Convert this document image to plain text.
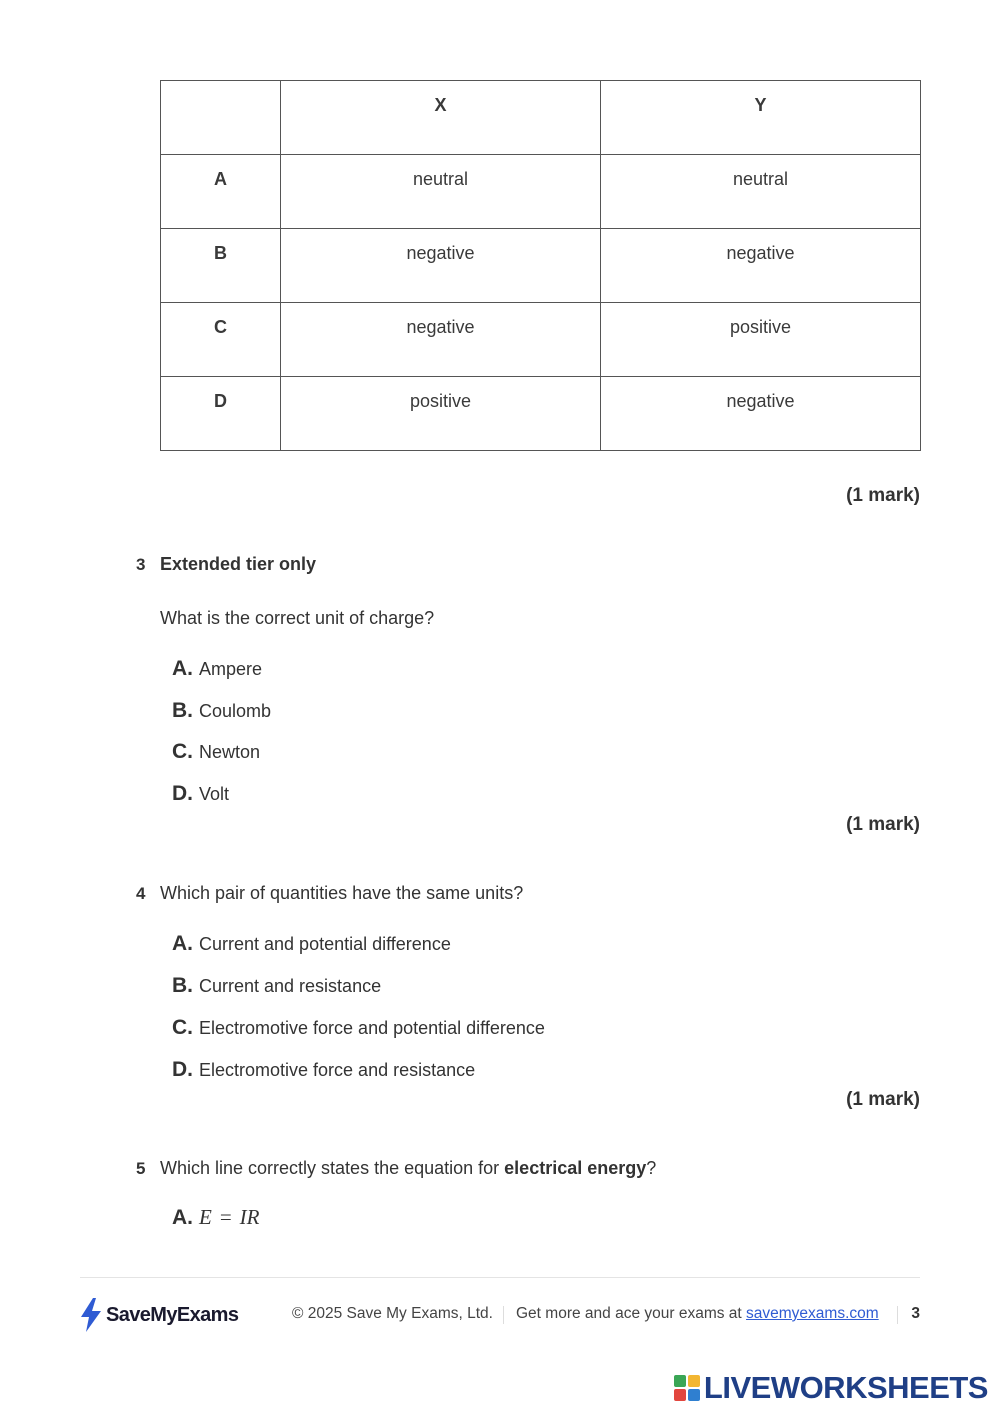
	X	Y
A	neutral	neutral
B	negative	negative
C	negative	positive
D	positive	negative
(1 mark)
3 Extended tier only
What is the correct unit of charge?
A. Ampere
B. Coulomb
C. Newton
D. Volt
(1 mark)
4 Which pair of quantities have the same units?
A. Current and potential difference
B. Current and resistance
C. Electromotive force and potential difference
D. Electromotive force and resistance
(1 mark)
5 Which line correctly states the equation for electrical energy?
A. E = IR
SaveMyExams	© 2025 Save My Exams, Ltd. Get more and ace your exams at savemyexams.com 3
LIVEWORKSHEETS
